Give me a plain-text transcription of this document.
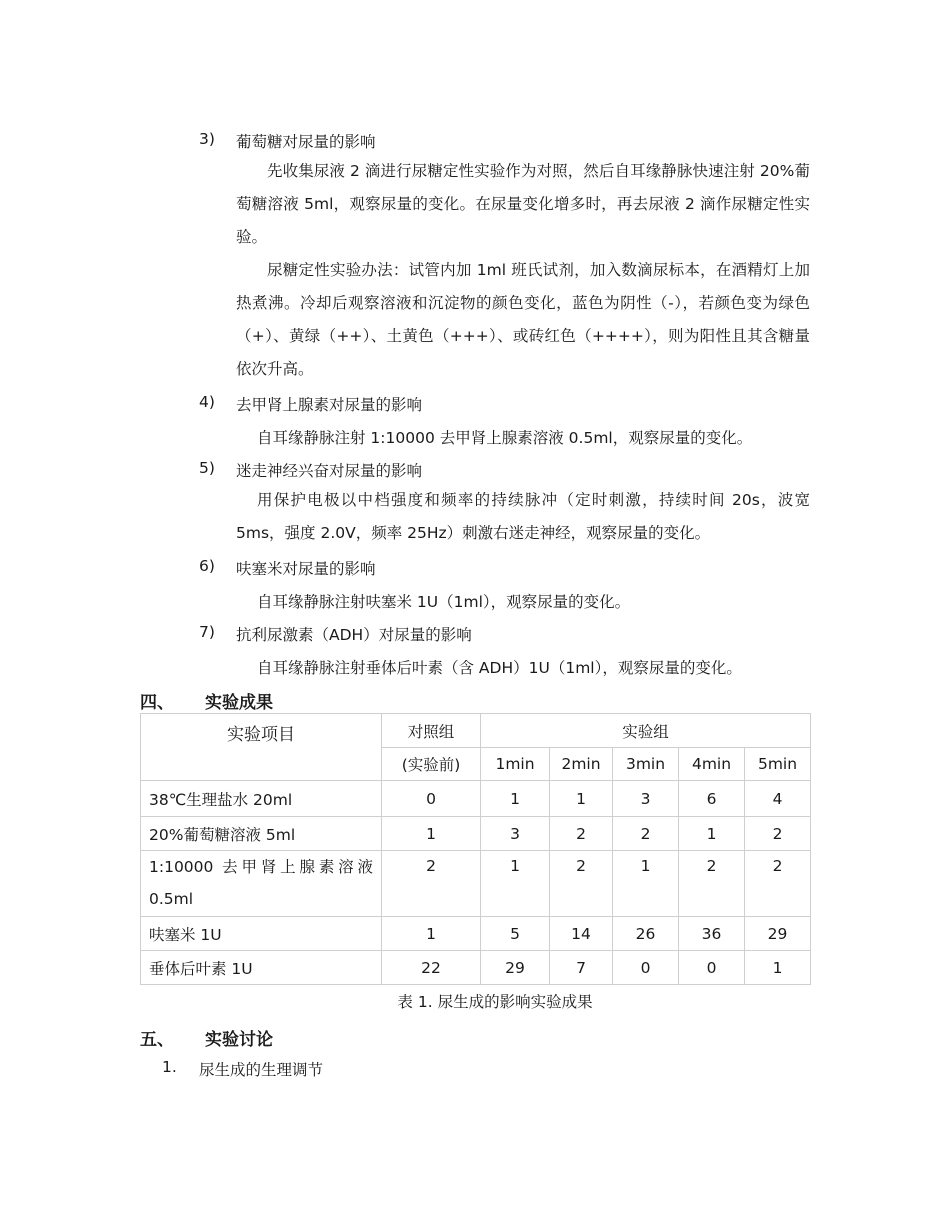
3) 葡萄糖对尿量的影响
先收集尿液 2 滴进行尿糖定性实验作为对照，然后自耳缘静脉快速注射 20%葡萄糖溶液 5ml，观察尿量的变化。在尿量变化增多时，再去尿液 2 滴作尿糖定性实验。
尿糖定性实验办法：试管内加 1ml 班氏试剂，加入数滴尿标本，在酒精灯上加热煮沸。冷却后观察溶液和沉淀物的颜色变化，蓝色为阴性（-），若颜色变为绿色（+）、黄绿（++）、土黄色（+++）、或砖红色（++++），则为阳性且其含糖量依次升高。
4) 去甲肾上腺素对尿量的影响
自耳缘静脉注射 1:10000 去甲肾上腺素溶液 0.5ml，观察尿量的变化。
5) 迷走神经兴奋对尿量的影响
用保护电极以中档强度和频率的持续脉冲（定时刺激，持续时间 20s，波宽 5ms，强度 2.0V，频率 25Hz）刺激右迷走神经，观察尿量的变化。
6) 呋塞米对尿量的影响
自耳缘静脉注射呋塞米 1U（1ml），观察尿量的变化。
7) 抗利尿激素（ADH）对尿量的影响
自耳缘静脉注射垂体后叶素（含 ADH）1U（1ml），观察尿量的变化。
四、 实验成果
实验项目	对照组	实验组				
	(实验前)	1min	2min	3min	4min	5min
38℃生理盐水 20ml	0	1	1	3	6	4
20%葡萄糖溶液 5ml	1	3	2	2	1	2
1:10000 去甲肾上腺素溶液 0.5ml	2	1	2	1	2	2
呋塞米 1U	1	5	14	26	36	29
垂体后叶素 1U	22	29	7	0	0	1
表 1. 尿生成的影响实验成果
五、 实验讨论
1. 尿生成的生理调节
